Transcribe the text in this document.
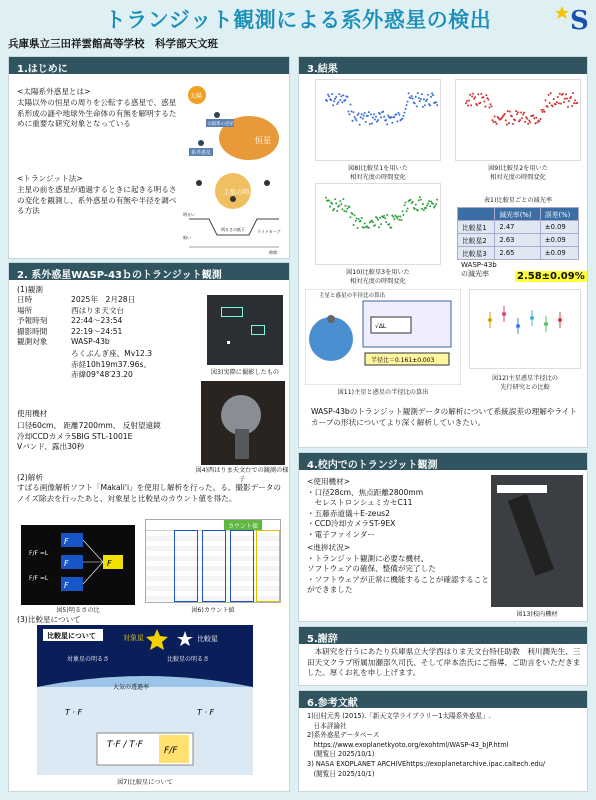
トランジット観測による系外惑星の検出	S
兵庫県立三田祥雲館高等学校　科学部天文班
1.はじめに
<太陽系外惑星とは>
太陽以外の恒星の周りを公転する惑星で、惑星系形成の謎や地球外生命体の有無を解明するために重要な研究対象となっている
<トランジット法>
主星の前を惑星が通過するときに起きる明るさの変化を観測し、系外惑星の有無や半径を調べる方法
太陽
恒星
太陽系の惑星
系外惑星
主星の明るさ
明るい
暗い
ライトカーブ
明るさの低下
時間
2. 系外惑星WASP-43ｂのトランジット観測
(1)観測
日時	2025年　2月28日
場所	西はりま天文台
予報時刻	22:44〜23:54
撮影時間	22:19〜24:51
観測対象	WASP-43b
ろくぶんぎ座、Mv12.3
赤経10h19m37.96s、
赤緯09°48′23.20	図3)実際に撮影したもの
使用機材
口径60cm、 距離7200mm、 反射望遠鏡
冷却CCDカメラSBIG STL-1001E
Vバンド、露出30秒
図4)西はりま天文台での観測の様子
(2)解析
すばる画像解析ソフト「Makali'i」を使用し解析を行った。る。撮影データのノイズ除去を行ったあと、対象星と比較星のカウント値を得た。
F
F
F
F
F/F =L
F/F =L
図5)明るさの比
カウント値
図6)カウント値
(3)比較星について
比較星について	対象星	比較星
対象星の明るさ	比較星の明るさ
大気の透過率
T · F	T · F
T·F / T·F
F/F
図7)比較星について
3.結果
図8)比較星1を用いた
相対光度の時間変化
図9)比較星2を用いた
相対光度の時間変化
図10)比較星3を用いた
相対光度の時間変化
表1)比較星ごとの減光率
	減光率(%)	誤差(%)
比較星1	2.47	±0.09
比較星2	2.63	±0.09
比較星3	2.65	±0.09
WASP-43b
の減光率	2.58±0.09%
主星と惑星の半径比の算出
√ΔL
半径比＝0.161±0.003
図11)主星と惑星の半径比の算出
図12)主星惑星半径比の
先行研究との比較
WASP-43bのトランジット観測データの解析について系統誤差の理解やライトカーブの形状についてより深く解析していきたい。
4.校内でのトランジット観測
<使用機材>
・口径28cm、焦点距離2800mm
　セレストロンシュミカセC11
・五藤赤道儀＋E-zeus2
・CCD冷却カメラST-9EX
・電子ファインダー
<進捗状況>
・トランジット観測に必要な機材、
ソフトウェアの確保、整備が完了した
・ソフトウェアが正常に機能することが確認することができました
図13)校内機材
5.謝辞
本研究を行うにあたり兵庫県立大学西はりま天文台特任助教　利川潤先生、三田天文クラブ所属加瀬部久司氏、そして岸本浩氏にご指導、ご助言をいただきました。厚くお礼を申し上げます。
6.参考文献
1)田村元秀 (2015).「新天文学ライブラリー1太陽系外惑星」.
　日本評論社
2)系外惑星データベース
　https://www.exoplanetkyoto.org/exohtml/WASP-43_bJP.html
　(閲覧日 2025/10/1)
3) NASA EXOPLANET ARCHIVEhttps://exoplanetarchive.ipac.caltech.edu/
　(閲覧日 2025/10/1)
